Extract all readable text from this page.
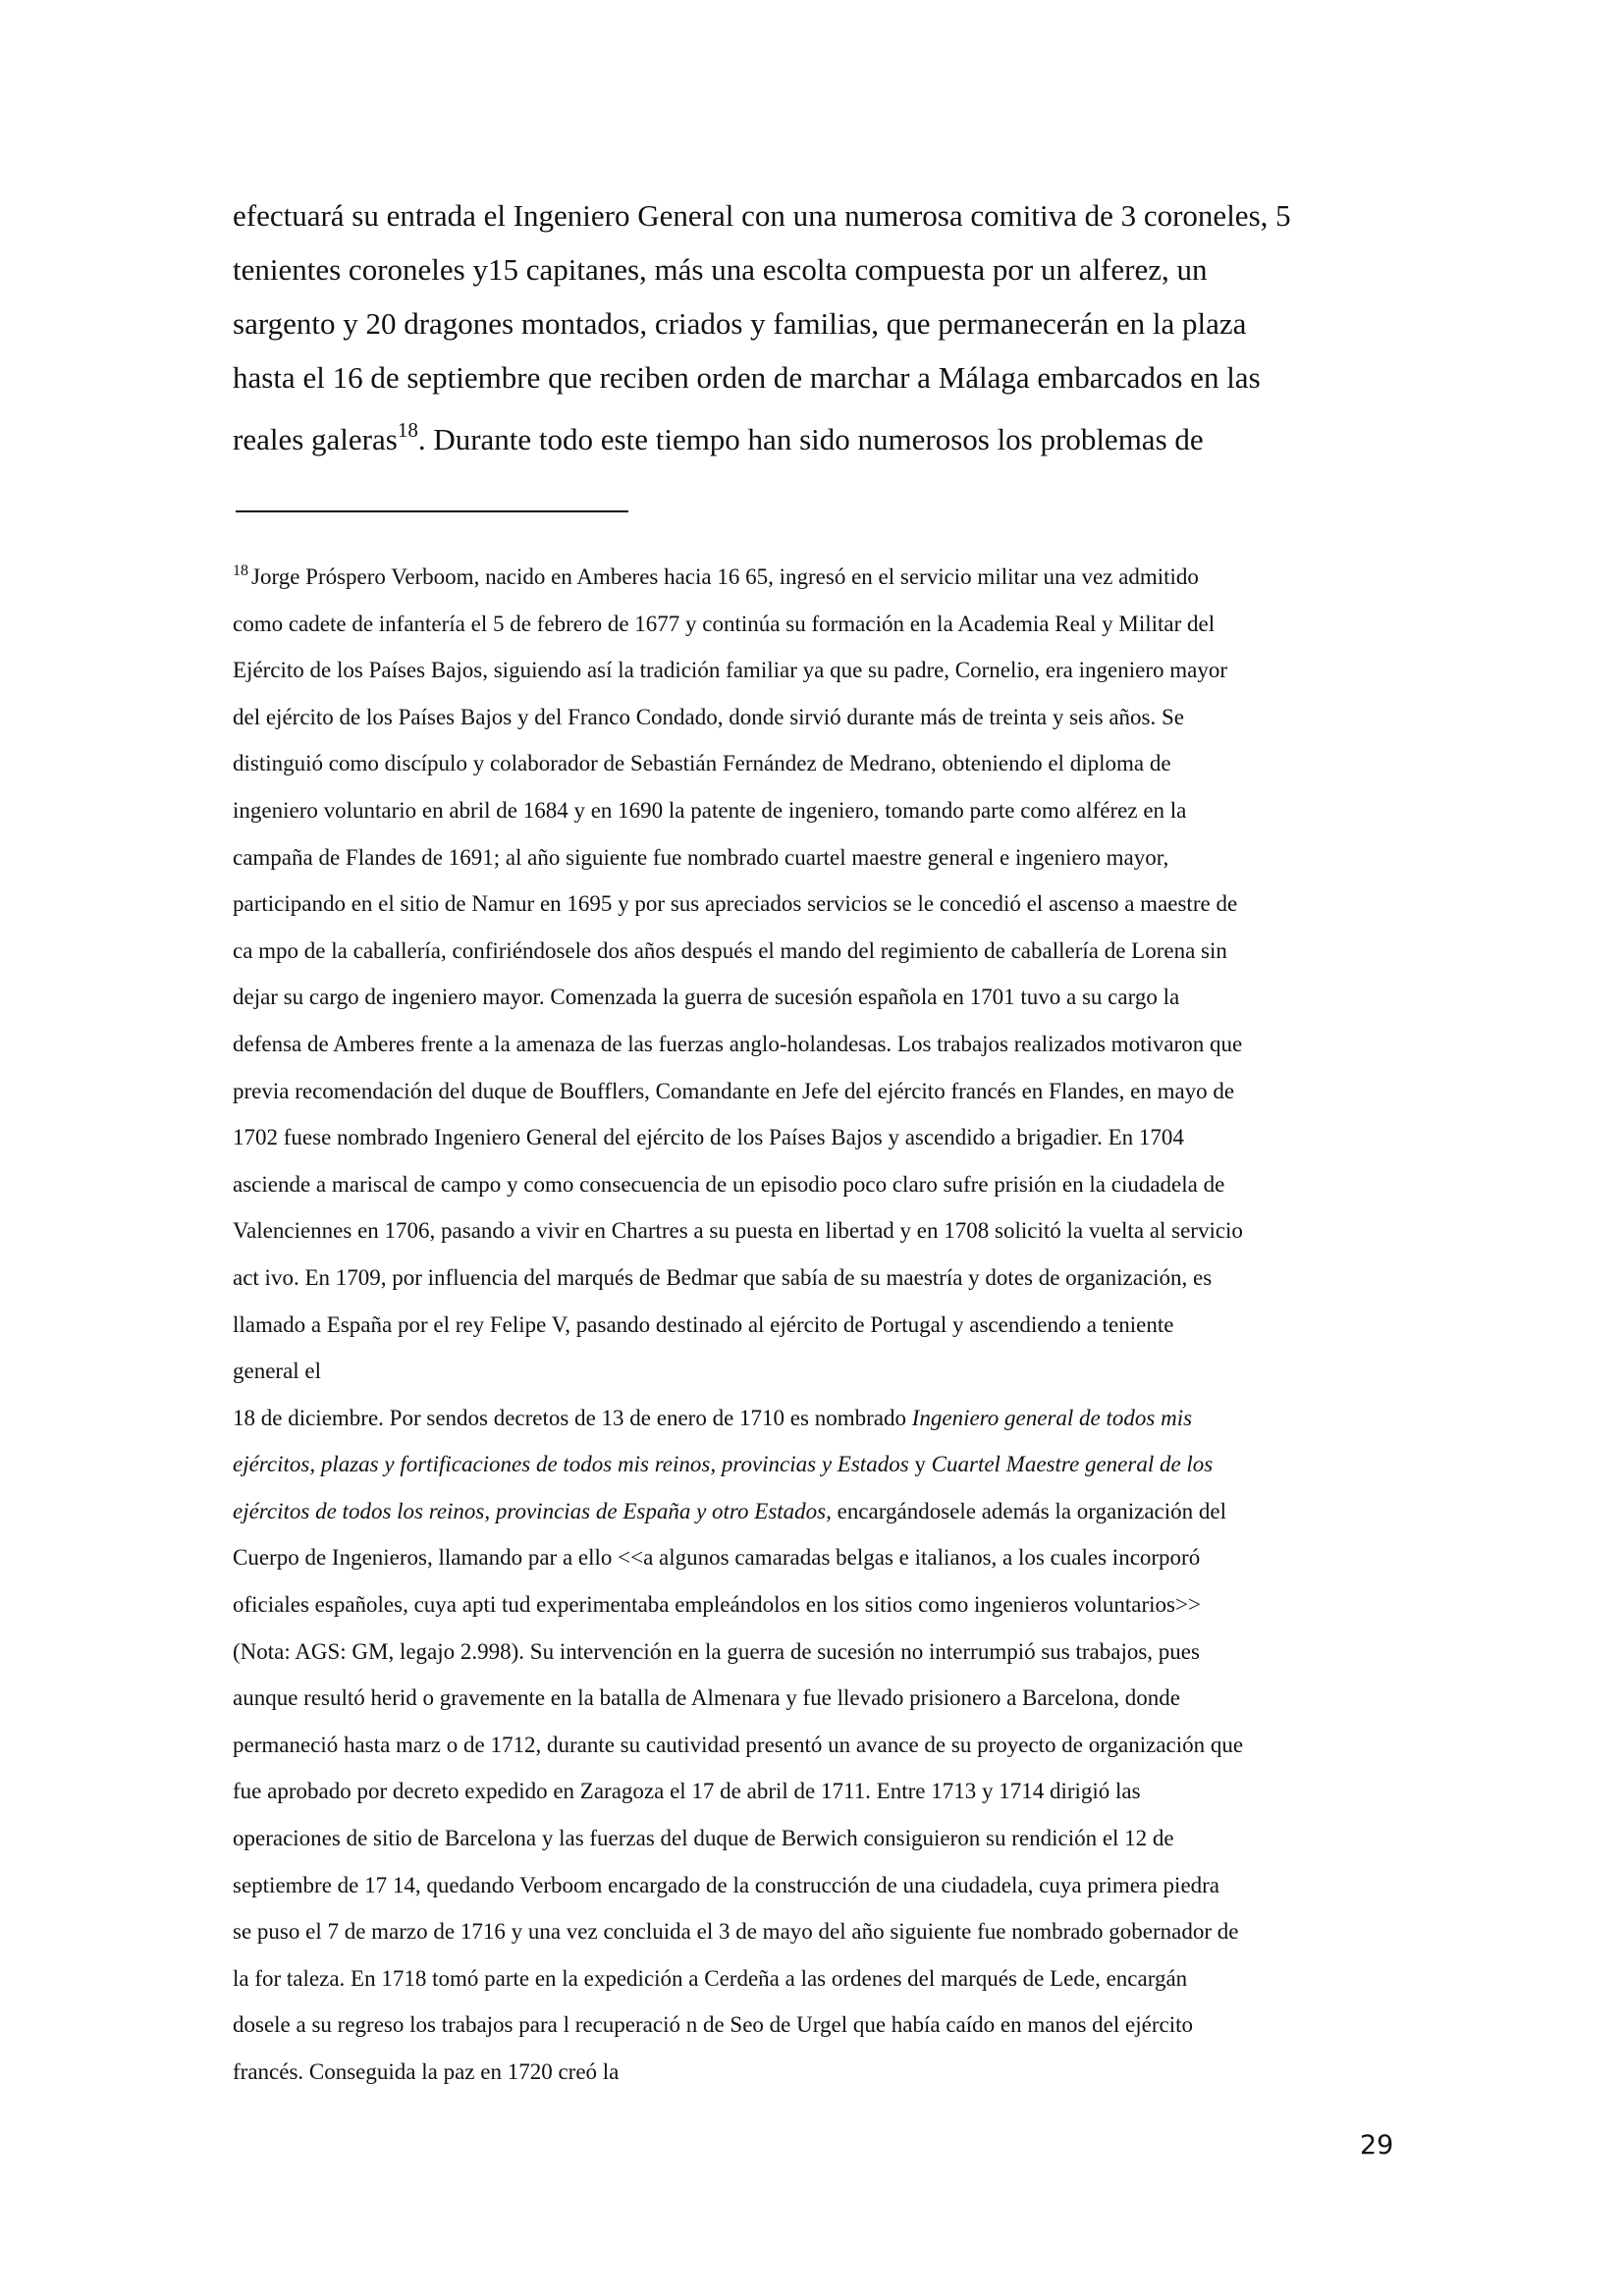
efectuará su entrada el Ingeniero General con una numerosa comitiva de 3 coroneles, 5
tenientes coroneles y15 capitanes, más una escolta compuesta por un alferez, un
sargento y 20 dragones montados, criados y familias, que permanecerán en la plaza
hasta el 16 de septiembre que reciben orden de marchar a Málaga embarcados en las
reales galeras$^{18}$. Durante todo este tiempo han sido numerosos los problemas de
$^{18}$ Jorge Próspero Verboom, nacido en Amberes hacia 16 65, ingresó en el servicio militar una vez admitido
como cadete de infantería el 5 de febrero de 1677 y continúa su formación en la Academia Real y Militar del
Ejército de los Países Bajos, siguiendo así la tradición familiar ya que su padre, Cornelio, era ingeniero mayor
del ejército de los Países Bajos y del Franco Condado, donde sirvió durante más de treinta y seis años. Se
distinguió como discípulo y colaborador de Sebastián Fernández de Medrano, obteniendo el diploma de
ingeniero voluntario en abril de 1684 y en 1690 la patente de ingeniero, tomando parte como alférez en la
campaña de Flandes de 1691; al año siguiente fue nombrado cuartel maestre general e ingeniero mayor,
participando en el sitio de Namur en 1695 y por sus apreciados servicios se le concedió el ascenso a maestre de
ca mpo de la caballería, confiriéndosele dos años después el mando del regimiento de caballería de Lorena sin
dejar su cargo de ingeniero mayor. Comenzada la guerra de sucesión española en 1701 tuvo a su cargo la
defensa de Amberes frente a la amenaza de las fuerzas anglo-holandesas. Los trabajos realizados motivaron que
previa recomendación del duque de Boufflers, Comandante en Jefe del ejército francés en Flandes, en mayo de
1702 fuese nombrado Ingeniero General del ejército de los Países Bajos y ascendido a brigadier. En 1704
asciende a mariscal de campo y como consecuencia de un episodio poco claro sufre prisión en la ciudadela de
Valenciennes en 1706, pasando a vivir en Chartres a su puesta en libertad y en 1708 solicitó la vuelta al servicio
act ivo. En 1709, por influencia del marqués de Bedmar que sabía de su maestría y dotes de organización, es
llamado a España por el rey Felipe V, pasando destinado al ejército de Portugal y ascendiendo a teniente
general el
18 de diciembre. Por sendos decretos de 13 de enero de 1710 es nombrado Ingeniero general de todos mis
ejércitos, plazas y fortificaciones de todos mis reinos, provincias y Estados y Cuartel Maestre general de los
ejércitos de todos los reinos, provincias de España y otro Estados, encargándosele además la organización del
Cuerpo de Ingenieros, llamando par a ello <<a algunos camaradas belgas e italianos, a los cuales incorporó
oficiales españoles, cuya apti tud experimentaba empleándolos en los sitios como ingenieros voluntarios>>
(Nota: AGS: GM, legajo 2.998). Su intervención en la guerra de sucesión no interrumpió sus trabajos, pues
aunque resultó herid o gravemente en la batalla de Almenara y fue llevado prisionero a Barcelona, donde
permaneció hasta marz o de 1712, durante su cautividad presentó un avance de su proyecto de organización que
fue aprobado por decreto expedido en Zaragoza el 17 de abril de 1711. Entre 1713 y 1714 dirigió las
operaciones de sitio de Barcelona y las fuerzas del duque de Berwich consiguieron su rendición el 12 de
septiembre de 17 14, quedando Verboom encargado de la construcción de una ciudadela, cuya primera piedra
se puso el 7 de marzo de 1716 y una vez concluida el 3 de mayo del año siguiente fue nombrado gobernador de
la for taleza. En 1718 tomó parte en la expedición a Cerdeña a las ordenes del marqués de Lede, encargán
dosele a su regreso los trabajos para l recuperació n de Seo de Urgel que había caído en manos del ejército
francés. Conseguida la paz en 1720 creó la
29
